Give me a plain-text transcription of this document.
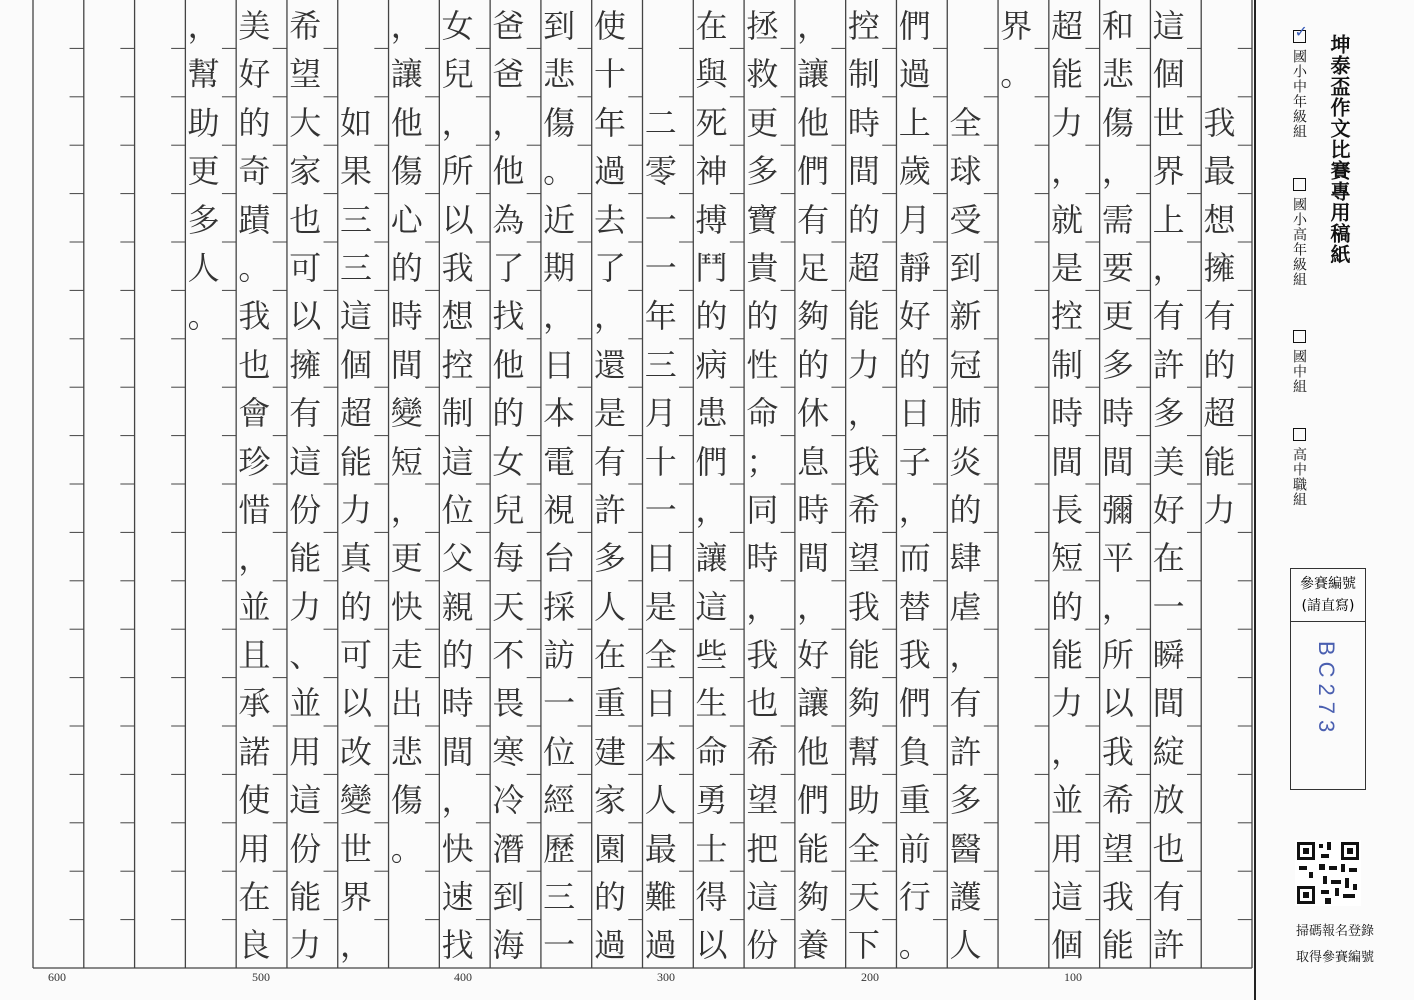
我
最
想
擁
有
的
超
能
力
這
個
世
界
上
，
有
許
多
美
好
在
一
瞬
間
綻
放
也
有
許
和
悲
傷
，
需
要
更
多
時
間
彌
平
，
所
以
我
希
望
我
能
超
能
力
，
就
是
控
制
時
間
長
短
的
能
力
，
並
用
這
個
界
。

全
球
受
到
新
冠
肺
炎
的
肆
虐
，
有
許
多
醫
護
人
們
過
上
歲
月
靜
好
的
日
子
，
而
替
我
們
負
重
前
行
。
控
制
時
間
的
超
能
力
，
我
希
望
我
能
夠
幫
助
全
天
下
，
讓
他
們
有
足
夠
的
休
息
時
間
，
好
讓
他
們
能
夠
養
拯
救
更
多
寶
貴
的
性
命
；
同
時
，
我
也
希
望
把
這
份
在
與
死
神
搏
鬥
的
病
患
們
，
讓
這
些
生
命
勇
士
得
以

二
零
一
一
年
三
月
十
一
日
是
全
日
本
人
最
難
過
使
十
年
過
去
了
，
還
是
有
許
多
人
在
重
建
家
園
的
過
到
悲
傷
。
近
期
，
日
本
電
視
台
採
訪
一
位
經
歷
三
一
爸
爸
，
他
為
了
找
他
的
女
兒
每
天
不
畏
寒
冷
潛
到
海
女
兒
，
所
以
我
想
控
制
這
位
父
親
的
時
間
，
快
速
找
，
讓
他
傷
心
的
時
間
變
短
，
更
快
走
出
悲
傷
。

如
果
三
三
這
個
超
能
力
真
的
可
以
改
變
世
界
，
希
望
大
家
也
可
以
擁
有
這
份
能
力
、
並
用
這
份
能
力
美
好
的
奇
蹟
。
我
也
會
珍
惜
，
並
且
承
諾
使
用
在
良
，
幫
助
更
多
人
。
600	500	400	300	200	100
坤泰盃作文比賽專用稿紙
✓
國小中年級組
國小高年級組
國中組
高中職組
參賽編號
(請直寫)
BC273
掃碼報名登錄
取得參賽編號
